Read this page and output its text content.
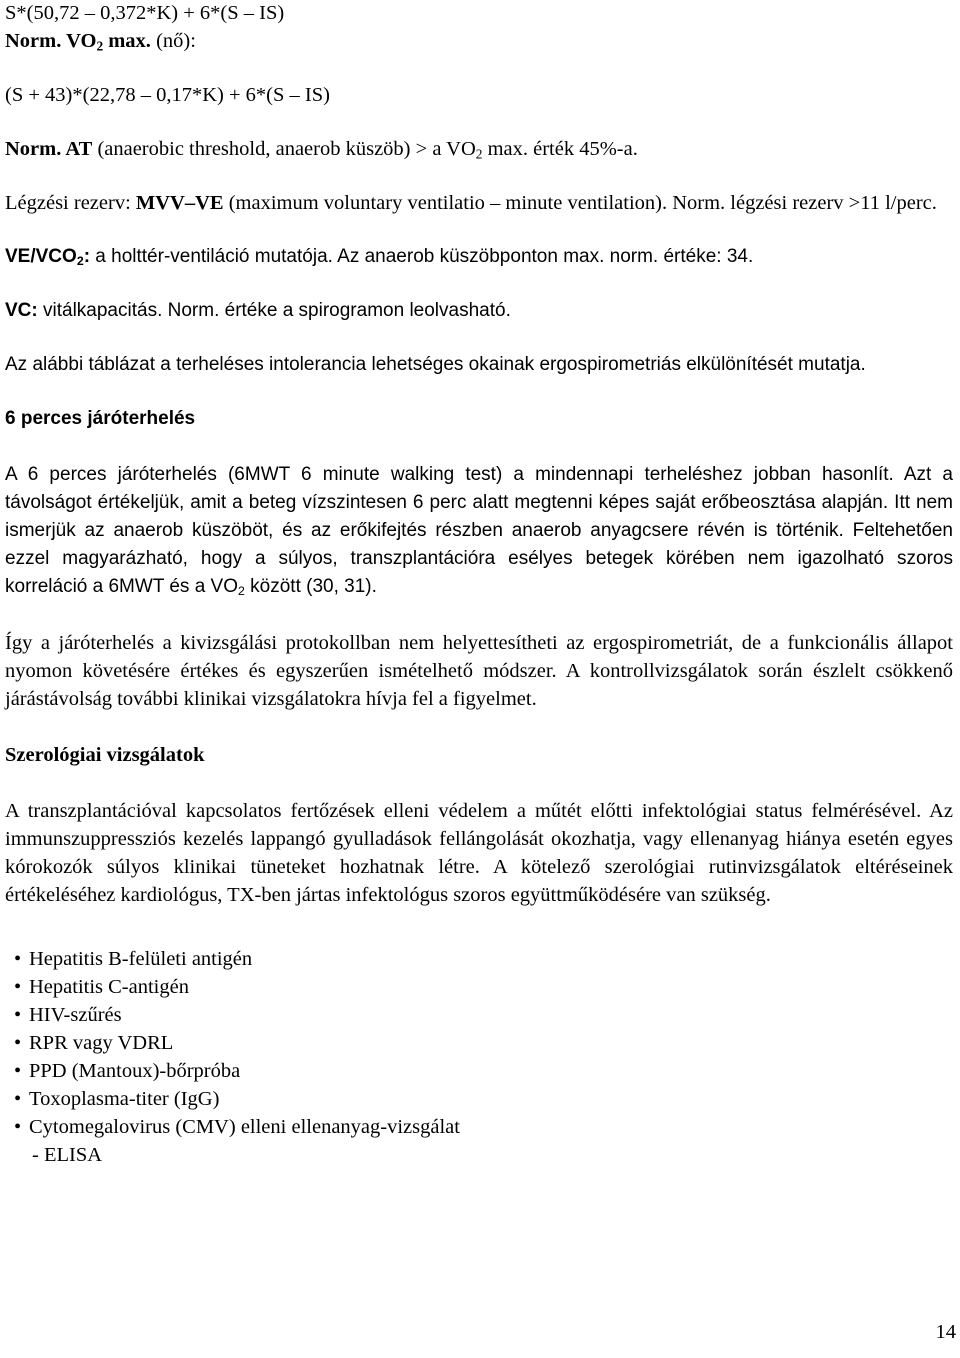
S*(50,72 – 0,372*K) + 6*(S – IS)

Norm. $VO_2$ max. (nő):

(S + 43)*(22,78 – 0,17*K) + 6*(S – IS)

Norm. AT (anaerobic threshold, anaerob küszöb) > a $VO_2$ max. érték 45%-a.

Légzési rezerv: MVV–VE (maximum voluntary ventilatio – minute ventilation). Norm. légzési rezerv >11 l/perc.

$VE/VCO_2$: a holttér-ventiláció mutatója. Az anaerob küszöbponton max. norm. értéke: 34.

VC: vitálkapacitás. Norm. értéke a spirogramon leolvasható.

Az alábbi táblázat a terheléses intolerancia lehetséges okainak ergospirometriás elkülönítését mutatja.

6 perces járóterhelés

A 6 perces járóterhelés (6MWT 6 minute walking test) a mindennapi terheléshez jobban hasonlít. Azt a távolságot értékeljük, amit a beteg vízszintesen 6 perc alatt megtenni képes saját erőbeosztása alapján. Itt nem ismerjük az anaerob küszöböt, és az erőkifejtés részben anaerob anyagcsere révén is történik. Feltehetően ezzel magyarázható, hogy a súlyos, transzplantációra esélyes betegek körében nem igazolható szoros korreláció a 6MWT és a $VO_2$ között (30, 31).

Így a járóterhelés a kivizsgálási protokollban nem helyettesítheti az ergospirometriát, de a funkcionális állapot nyomon követésére értékes és egyszerűen ismételhető módszer. A kontrollvizsgálatok során észlelt csökkenő járástávolság további klinikai vizsgálatokra hívja fel a figyelmet.

Szerológiai vizsgálatok

A transzplantációval kapcsolatos fertőzések elleni védelem a műtét előtti infektológiai status felmérésével. Az immunszuppressziós kezelés lappangó gyulladások fellángolását okozhatja, vagy ellenanyag hiánya esetén egyes kórokozók súlyos klinikai tüneteket hozhatnak létre. A kötelező szerológiai rutinvizsgálatok eltéréseinek értékeléséhez kardiológus, TX-ben jártas infektológus szoros együttműködésére van szükség.

• Hepatitis B-felületi antigén
• Hepatitis C-antigén
• HIV-szűrés
• RPR vagy VDRL
• PPD (Mantoux)-bőrpróba
• Toxoplasma-titer (IgG)
• Cytomegalovirus (CMV) elleni ellenanyag-vizsgálat
- ELISA
14
